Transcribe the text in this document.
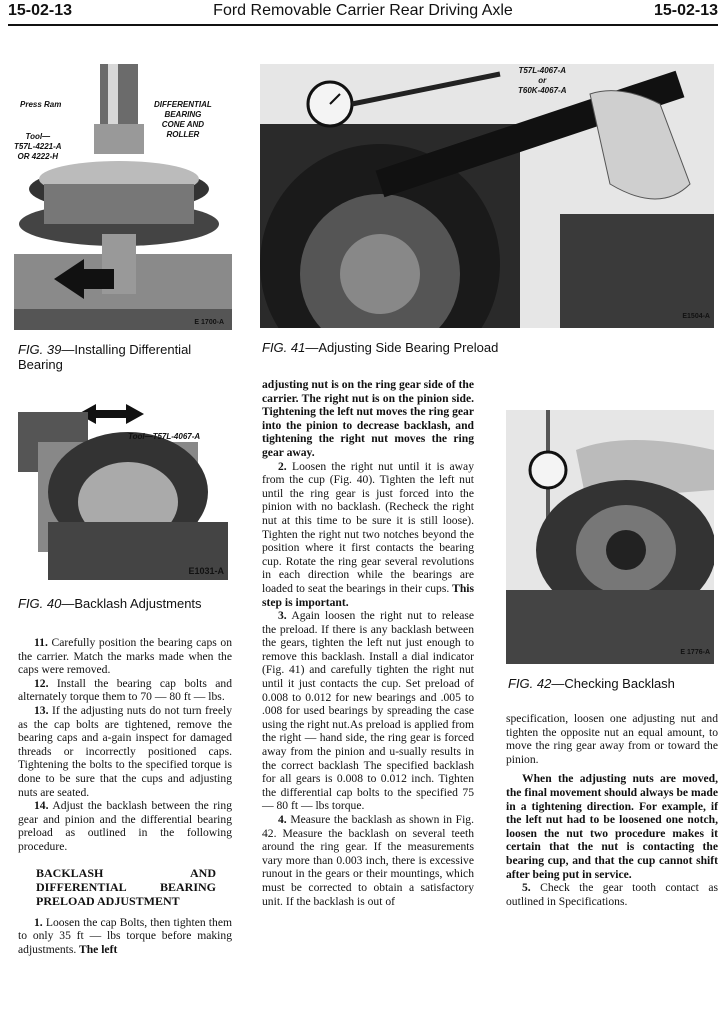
15-02-13	Ford Removable Carrier Rear Driving Axle	15-02-13
Press Ram	DIFFERENTIAL
BEARING
CONE AND
ROLLER
Tool—
T57L-4221-A
OR 4222-H
E 1700-A
FIG. 39—Installing Differential Bearing
T57L-4067-A
or
T60K-4067-A
E1504-A
FIG. 41—Adjusting Side Bearing Preload
Tool—T57L-4067-A
E1031-A
FIG. 40—Backlash Adjustments
E 1776-A
FIG. 42—Checking Backlash

11. Carefully position the bearing caps on the carrier. Match the marks made when the caps were removed.

12. Install the bearing cap bolts and alternately torque them to 70 — 80 ft — lbs.

13. If the adjusting nuts do not turn freely as the cap bolts are tightened, remove the bearing caps and a-gain inspect for damaged threads or incorrectly positioned caps. Tightening the bolts to the specified torque is done to be sure that the cups and adjusting nuts are seated.

14. Adjust the backlash between the ring gear and pinion and the differential bearing preload as outlined in the following procedure.

BACKLASH AND DIFFERENTIAL BEARING PRELOAD ADJUSTMENT

1. Loosen the cap Bolts, then tighten them to only 35 ft — lbs torque before making adjustments. The left

adjusting nut is on the ring gear side of the carrier. The right nut is on the pinion side. Tightening the left nut moves the ring gear into the pinion to decrease backlash, and tightening the right nut moves the ring gear away.

2. Loosen the right nut until it is away from the cup (Fig. 40). Tighten the left nut until the ring gear is just forced into the pinion with no backlash. (Recheck the right nut at this time to be sure it is still loose). Tighten the right nut two notches beyond the position where it first contacts the bearing cup. Rotate the ring gear several revolutions in each direction while the bearings are loaded to seat the bearings in their cups. This step is important.

3. Again loosen the right nut to release the preload. If there is any backlash between the gears, tighten the left nut just enough to remove this backlash. Install a dial indicator (Fig. 41) and carefully tighten the right nut until it just contacts the cup. Set preload of 0.008 to 0.012 for new bearings and .005 to .008 for used bearings by spreading the case using the right nut.As preload is applied from the right — hand side, the ring gear is forced away from the pinion and u-sually results in the correct backlash The specified backlash for all gears is 0.008 to 0.012 inch. Tighten the differential cap bolts to the specified 75 — 80 ft — lbs torque.

4. Measure the backlash as shown in Fig. 42. Measure the backlash on several teeth around the ring gear. If the measurements vary more than 0.003 inch, there is excessive runout in the gears or their mountings, which must be corrected to obtain a satisfactory unit. If the backlash is out of

specification, loosen one adjusting nut and tighten the opposite nut an equal amount, to move the ring gear away from or toward the pinion.

When the adjusting nuts are moved, the final movement should always be made in a tightening direction. For example, if the left nut had to be loosened one notch, loosen the nut two procedure makes it certain that the nut is contacting the bearing cup, and that the cup cannot shift after being put in service.

5. Check the gear tooth contact as outlined in Specifications.
